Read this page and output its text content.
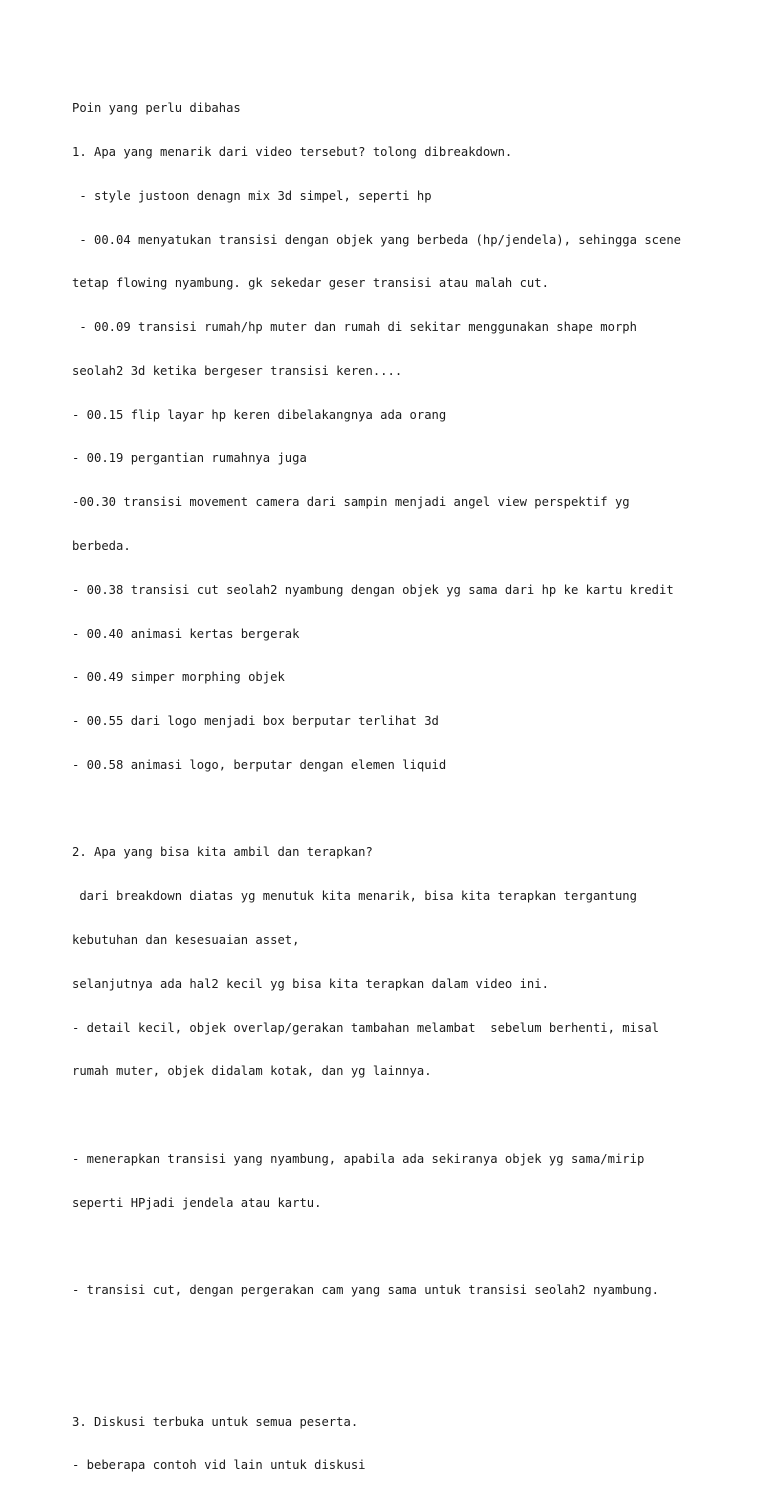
Poin yang perlu dibahas

1. Apa yang menarik dari video tersebut? tolong dibreakdown.

- style justoon denagn mix 3d simpel, seperti hp

- 00.04 menyatukan transisi dengan objek yang berbeda (hp/jendela), sehingga scene

tetap flowing nyambung. gk sekedar geser transisi atau malah cut.

- 00.09 transisi rumah/hp muter dan rumah di sekitar menggunakan shape morph

seolah2 3d ketika bergeser transisi keren....

- 00.15 flip layar hp keren dibelakangnya ada orang

- 00.19 pergantian rumahnya juga

-00.30 transisi movement camera dari sampin menjadi angel view perspektif yg

berbeda.

- 00.38 transisi cut seolah2 nyambung dengan objek yg sama dari hp ke kartu kredit

- 00.40 animasi kertas bergerak

- 00.49 simper morphing objek

- 00.55 dari logo menjadi box berputar terlihat 3d

- 00.58 animasi logo, berputar dengan elemen liquid

2. Apa yang bisa kita ambil dan terapkan?

dari breakdown diatas yg menutuk kita menarik, bisa kita terapkan tergantung

kebutuhan dan kesesuaian asset,

selanjutnya ada hal2 kecil yg bisa kita terapkan dalam video ini.

- detail kecil, objek overlap/gerakan tambahan melambat  sebelum berhenti, misal

rumah muter, objek didalam kotak, dan yg lainnya.

- menerapkan transisi yang nyambung, apabila ada sekiranya objek yg sama/mirip

seperti HPjadi jendela atau kartu.

- transisi cut, dengan pergerakan cam yang sama untuk transisi seolah2 nyambung.

3. Diskusi terbuka untuk semua peserta.

- beberapa contoh vid lain untuk diskusi
